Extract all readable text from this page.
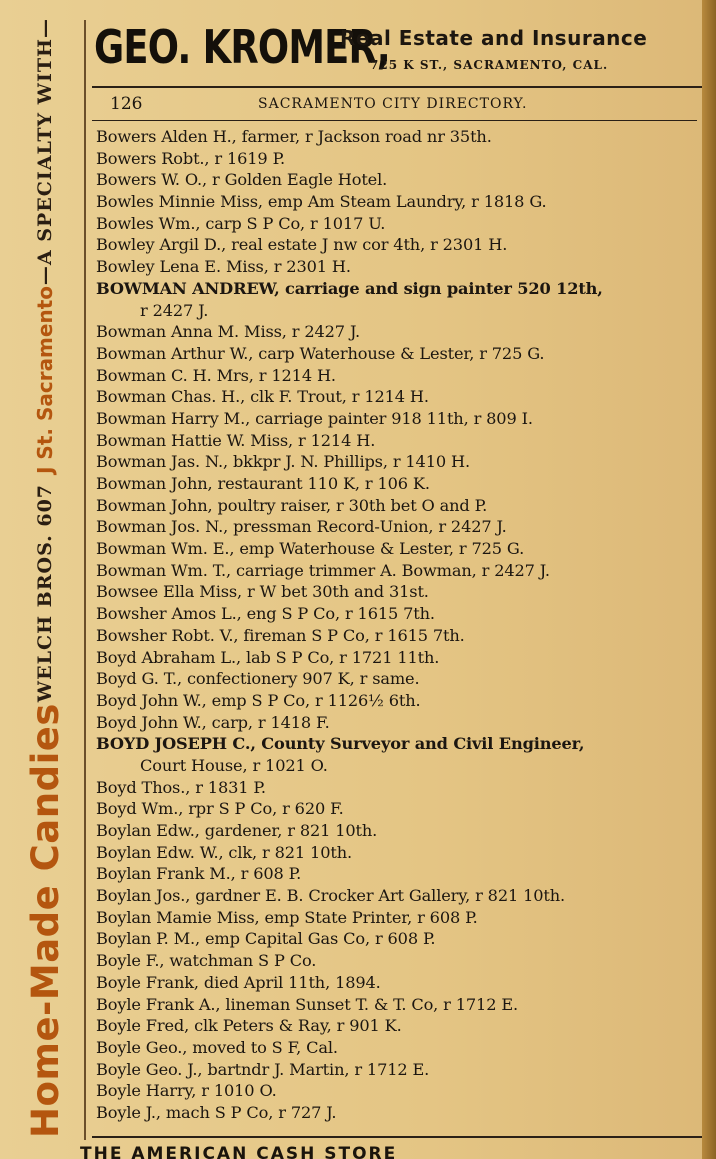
Home-Made Candies
WELCH BROS. 607
J St. Sacramento
—A SPECIALTY WITH— GEO. KROMER,
Real Estate and Insurance
725 K ST., SACRAMENTO, CAL.
126	SACRAMENTO CITY DIRECTORY.
Bowers Alden H., farmer, r Jackson road nr 35th.
Bowers Robt., r 1619 P.
Bowers W. O., r Golden Eagle Hotel.
Bowles Minnie Miss, emp Am Steam Laundry, r 1818 G.
Bowles Wm., carp S P Co, r 1017 U.
Bowley Argil D., real estate J nw cor 4th, r 2301 H.
Bowley Lena E. Miss, r 2301 H.
BOWMAN ANDREW, carriage and sign painter 520 12th,
r 2427 J.
Bowman Anna M. Miss, r 2427 J.
Bowman Arthur W., carp Waterhouse & Lester, r 725 G.
Bowman C. H. Mrs, r 1214 H.
Bowman Chas. H., clk F. Trout, r 1214 H.
Bowman Harry M., carriage painter 918 11th, r 809 I.
Bowman Hattie W. Miss, r 1214 H.
Bowman Jas. N., bkkpr J. N. Phillips, r 1410 H.
Bowman John, restaurant 110 K, r 106 K.
Bowman John, poultry raiser, r 30th bet O and P.
Bowman Jos. N., pressman Record-Union, r 2427 J.
Bowman Wm. E., emp Waterhouse & Lester, r 725 G.
Bowman Wm. T., carriage trimmer A. Bowman, r 2427 J.
Bowsee Ella Miss, r W bet 30th and 31st.
Bowsher Amos L., eng S P Co, r 1615 7th.
Bowsher Robt. V., fireman S P Co, r 1615 7th.
Boyd Abraham L., lab S P Co, r 1721 11th.
Boyd G. T., confectionery 907 K, r same.
Boyd John W., emp S P Co, r 1126½ 6th.
Boyd John W., carp, r 1418 F.
BOYD JOSEPH C., County Surveyor and Civil Engineer,
Court House, r 1021 O.
Boyd Thos., r 1831 P.
Boyd Wm., rpr S P Co, r 620 F.
Boylan Edw., gardener, r 821 10th.
Boylan Edw. W., clk, r 821 10th.
Boylan Frank M., r 608 P.
Boylan Jos., gardner E. B. Crocker Art Gallery, r 821 10th.
Boylan Mamie Miss, emp State Printer, r 608 P.
Boylan P. M., emp Capital Gas Co, r 608 P.
Boyle F., watchman S P Co.
Boyle Frank, died April 11th, 1894.
Boyle Frank A., lineman Sunset T. & T. Co, r 1712 E.
Boyle Fred, clk Peters & Ray, r 901 K.
Boyle Geo., moved to S F, Cal.
Boyle Geo. J., bartndr J. Martin, r 1712 E.
Boyle Harry, r 1010 O.
Boyle J., mach S P Co, r 727 J.
THE AMERICAN CASH STORE
